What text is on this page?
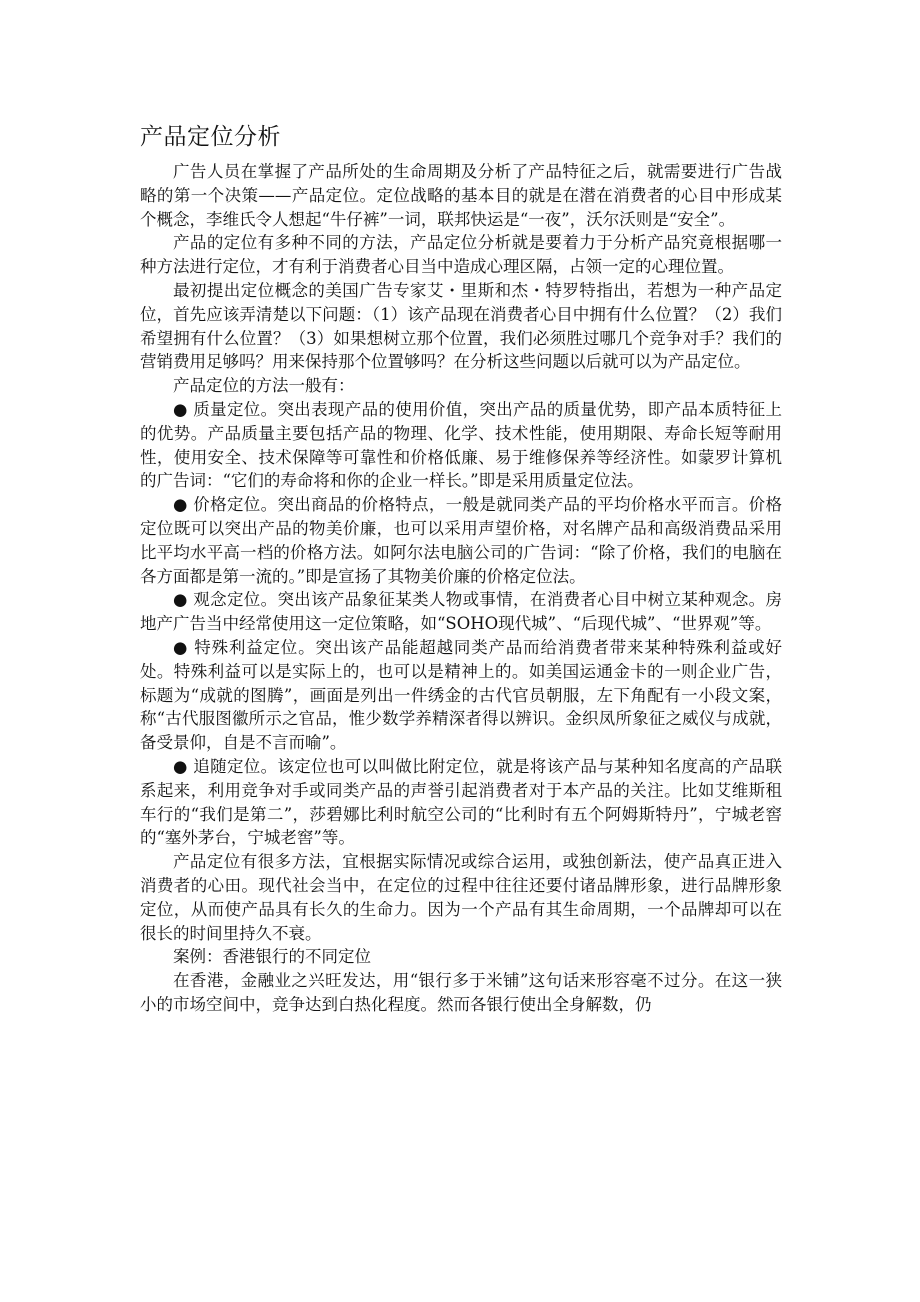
产品定位分析

广告人员在掌握了产品所处的生命周期及分析了产品特征之后，就需要进行广告战略的第一个决策——产品定位。定位战略的基本目的就是在潜在消费者的心目中形成某个概念，李维氏令人想起“牛仔裤”一词，联邦快运是“一夜”，沃尔沃则是“安全”。

产品的定位有多种不同的方法，产品定位分析就是要着力于分析产品究竟根据哪一种方法进行定位，才有利于消费者心目当中造成心理区隔，占领一定的心理位置。

最初提出定位概念的美国广告专家艾・里斯和杰・特罗特指出，若想为一种产品定位，首先应该弄清楚以下问题：（1）该产品现在消费者心目中拥有什么位置？（2）我们希望拥有什么位置？（3）如果想树立那个位置，我们必须胜过哪几个竞争对手？我们的营销费用足够吗？用来保持那个位置够吗？在分析这些问题以后就可以为产品定位。

产品定位的方法一般有：

● 质量定位。突出表现产品的使用价值，突出产品的质量优势，即产品本质特征上的优势。产品质量主要包括产品的物理、化学、技术性能，使用期限、寿命长短等耐用性，使用安全、技术保障等可靠性和价格低廉、易于维修保养等经济性。如蒙罗计算机的广告词：“它们的寿命将和你的企业一样长。”即是采用质量定位法。

● 价格定位。突出商品的价格特点，一般是就同类产品的平均价格水平而言。价格定位既可以突出产品的物美价廉，也可以采用声望价格，对名牌产品和高级消费品采用比平均水平高一档的价格方法。如阿尔法电脑公司的广告词：“除了价格，我们的电脑在各方面都是第一流的。”即是宣扬了其物美价廉的价格定位法。

● 观念定位。突出该产品象征某类人物或事情，在消费者心目中树立某种观念。房地产广告当中经常使用这一定位策略，如“SOHO现代城”、“后现代城”、“世界观”等。

● 特殊利益定位。突出该产品能超越同类产品而给消费者带来某种特殊利益或好处。特殊利益可以是实际上的，也可以是精神上的。如美国运通金卡的一则企业广告，标题为“成就的图腾”，画面是列出一件绣金的古代官员朝服，左下角配有一小段文案，称“古代服图徽所示之官品，惟少数学养精深者得以辨识。金织凤所象征之威仪与成就，备受景仰，自是不言而喻”。

● 追随定位。该定位也可以叫做比附定位，就是将该产品与某种知名度高的产品联系起来，利用竞争对手或同类产品的声誉引起消费者对于本产品的关注。比如艾维斯租车行的“我们是第二”，莎碧娜比利时航空公司的“比利时有五个阿姆斯特丹”，宁城老窖的“塞外茅台，宁城老窖”等。

产品定位有很多方法，宜根据实际情况或综合运用，或独创新法，使产品真正进入消费者的心田。现代社会当中，在定位的过程中往往还要付诸品牌形象，进行品牌形象定位，从而使产品具有长久的生命力。因为一个产品有其生命周期，一个品牌却可以在很长的时间里持久不衰。

案例：香港银行的不同定位

在香港，金融业之兴旺发达，用“银行多于米铺”这句话来形容毫不过分。在这一狭小的市场空间中，竞争达到白热化程度。然而各银行使出全身解数，仍
